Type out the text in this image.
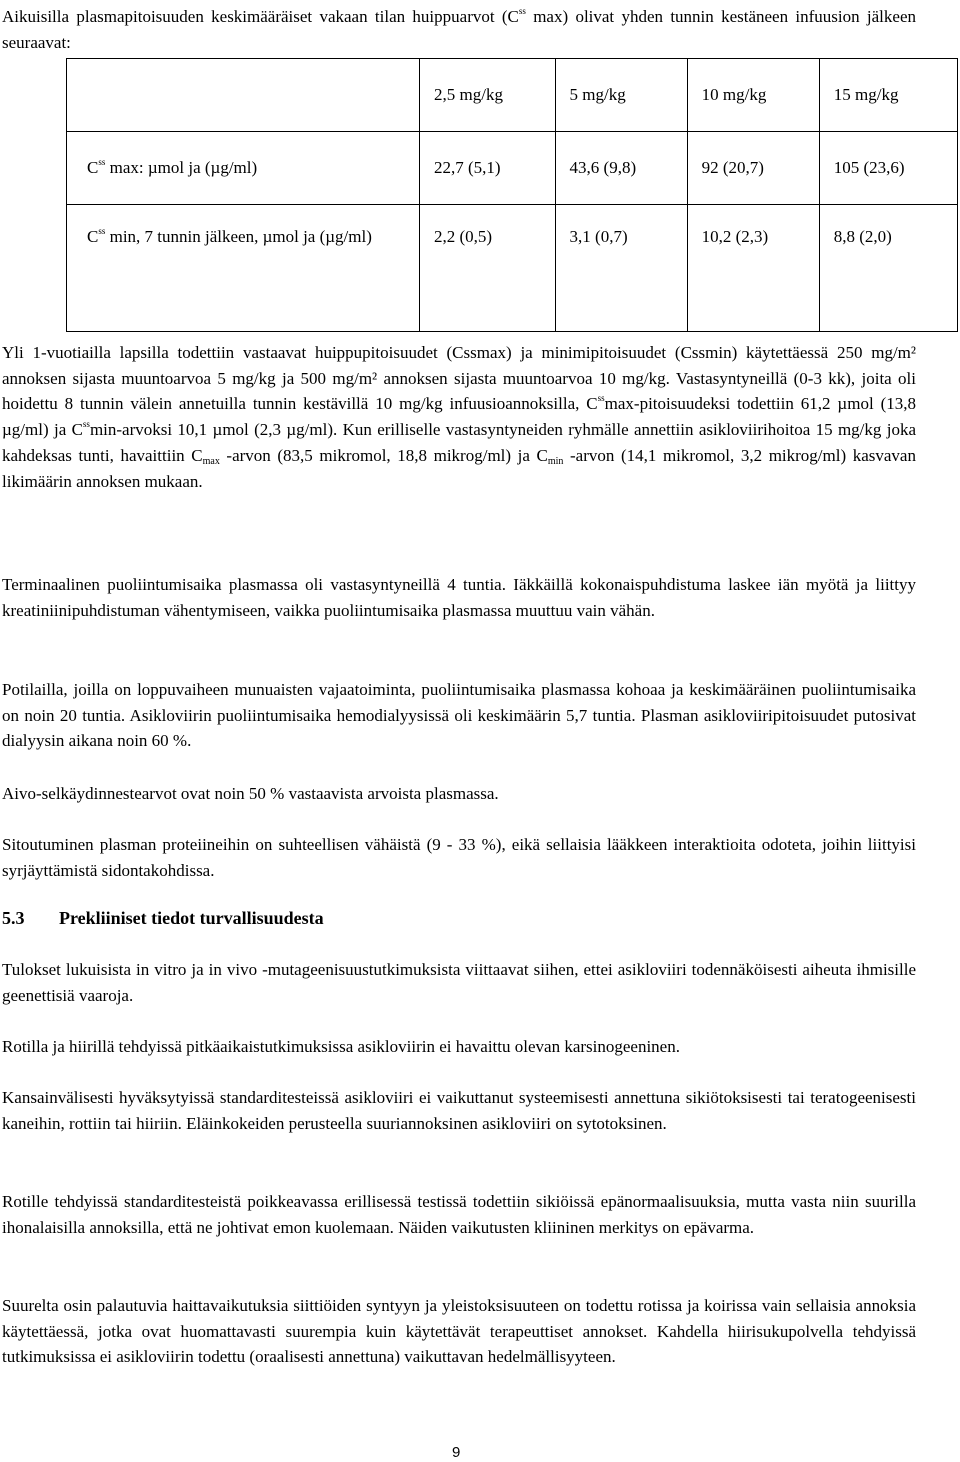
Aikuisilla plasmapitoisuuden keskimääräiset vakaan tilan huippuarvot ($C^{ss}$ max) olivat yhden tunnin kestäneen infuusion jälkeen seuraavat:

	2,5 mg/kg	5 mg/kg	10 mg/kg	15 mg/kg
$C^{ss}$ max: µmol ja (µg/ml)	22,7 (5,1)	43,6 (9,8)	92 (20,7)	105 (23,6)
$C^{ss}$ min, 7 tunnin jälkeen, µmol ja (µg/ml)	2,2 (0,5)	3,1 (0,7)	10,2 (2,3)	8,8 (2,0)

Yli 1-vuotiailla lapsilla todettiin vastaavat huippupitoisuudet (Cssmax) ja minimipitoisuudet (Cssmin) käytettäessä 250 mg/m² annoksen sijasta muuntoarvoa 5 mg/kg ja 500 mg/m² annoksen sijasta muuntoarvoa 10 mg/kg. Vastasyntyneillä (0-3 kk), joita oli hoidettu 8 tunnin välein annetuilla tunnin kestävillä 10 mg/kg infuusioannoksilla, $C^{ss}\max$-pitoisuudeksi todettiin 61,2 µmol (13,8 µg/ml) ja $C^{ss}\min$-arvoksi 10,1 µmol (2,3 µg/ml). Kun erilliselle vastasyntyneiden ryhmälle annettiin asikloviirihoitoa 15 mg/kg joka kahdeksas tunti, havaittiin $C_{max}$ -arvon (83,5 mikromol, 18,8 mikrog/ml) ja $C_{min}$ -arvon (14,1 mikromol, 3,2 mikrog/ml) kasvavan likimäärin annoksen mukaan.

Terminaalinen puoliintumisaika plasmassa oli vastasyntyneillä 4 tuntia. Iäkkäillä kokonaispuhdistuma laskee iän myötä ja liittyy kreatiniinipuhdistuman vähentymiseen, vaikka puoliintumisaika plasmassa muuttuu vain vähän.

Potilailla, joilla on loppuvaiheen munuaisten vajaatoiminta, puoliintumisaika plasmassa kohoaa ja keskimääräinen puoliintumisaika on noin 20 tuntia. Asikloviirin puoliintumisaika hemodialyysissä oli keskimäärin 5,7 tuntia. Plasman asikloviiripitoisuudet putosivat dialyysin aikana noin 60 %.

Aivo-selkäydinnestearvot ovat noin 50 % vastaavista arvoista plasmassa.

Sitoutuminen plasman proteiineihin on suhteellisen vähäistä (9 - 33 %), eikä sellaisia lääkkeen interaktioita odoteta, joihin liittyisi syrjäyttämistä sidontakohdissa.

5.3 Prekliiniset tiedot turvallisuudesta

Tulokset lukuisista in vitro ja in vivo -mutageenisuustutkimuksista viittaavat siihen, ettei asikloviiri todennäköisesti aiheuta ihmisille geenettisiä vaaroja.

Rotilla ja hiirillä tehdyissä pitkäaikaistutkimuksissa asikloviirin ei havaittu olevan karsinogeeninen.

Kansainvälisesti hyväksytyissä standarditesteissä asikloviiri ei vaikuttanut systeemisesti annettuna sikiötoksisesti tai teratogeenisesti kaneihin, rottiin tai hiiriin. Eläinkokeiden perusteella suuriannoksinen asikloviiri on sytotoksinen.

Rotille tehdyissä standarditesteistä poikkeavassa erillisessä testissä todettiin sikiöissä epänormaalisuuksia, mutta vasta niin suurilla ihonalaisilla annoksilla, että ne johtivat emon kuolemaan. Näiden vaikutusten kliininen merkitys on epävarma.

Suurelta osin palautuvia haittavaikutuksia siittiöiden syntyyn ja yleistoksisuuteen on todettu rotissa ja koirissa vain sellaisia annoksia käytettäessä, jotka ovat huomattavasti suurempia kuin käytettävät terapeuttiset annokset. Kahdella hiirisukupolvella tehdyissä tutkimuksissa ei asikloviirin todettu (oraalisesti annettuna) vaikuttavan hedelmällisyyteen.

9
